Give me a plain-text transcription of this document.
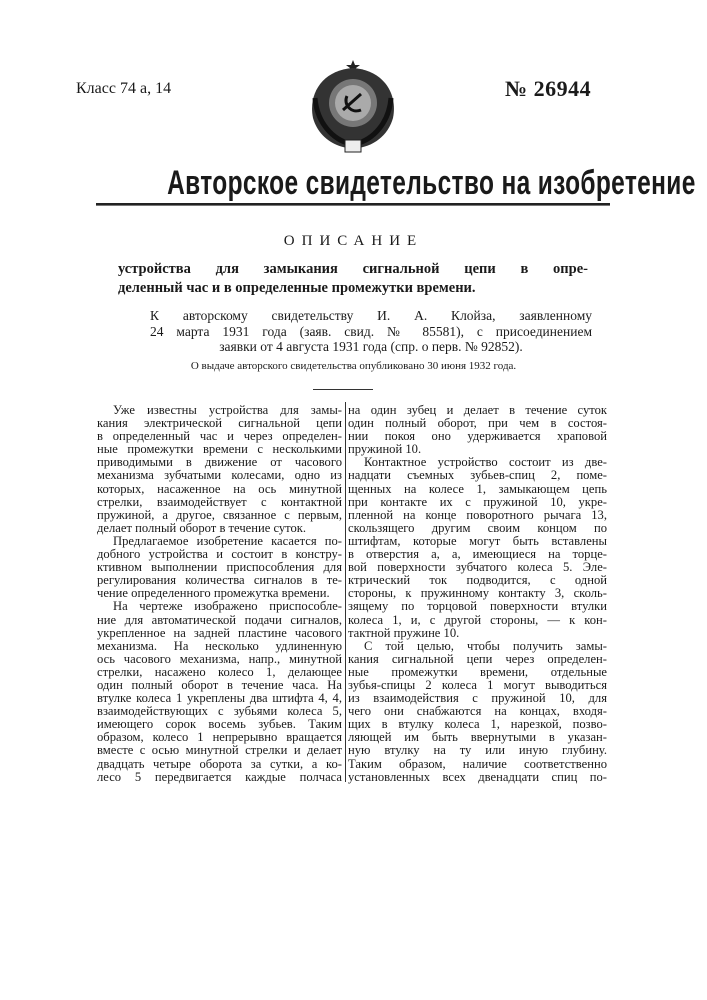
Класс 74 а, 14	№ 26944
Авторское свидетельство на изобретение
ОПИСАНИЕ
устройства для замыкания сигнальной цепи в опре-
деленный час и в определенные промежутки времени.
К авторскому свидетельству И. А. Клойза, заявленному
24 марта 1931 года (заяв. свид. № 85581), с присоединением
заявки от 4 августа 1931 года (спр. о перв. № 92852).
О выдаче авторского свидетельства опубликовано 30 июня 1932 года.
Уже известны устройства для замы-
кания электрической сигнальной цепи
в определенный час и через определен-
ные промежутки времени с несколькими
приводимыми в движение от часового
механизма зубчатыми колесами, одно из
которых, насаженное на ось минутной
стрелки, взаимодействует с контактной
пружиной, а другое, связанное с первым,
делает полный оборот в течение суток.
Предлагаемое изобретение касается по-
добного устройства и состоит в констру-
ктивном выполнении приспособления для
регулирования количества сигналов в те-
чение определенного промежутка времени.
На чертеже изображено приспособле-
ние для автоматической подачи сигналов,
укрепленное на задней пластине часового
механизма. На несколько удлиненную
ось часового механизма, напр., минутной
стрелки, насажено колесо 1, делающее
один полный оборот в течение часа. На
втулке колеса 1 укреплены два штифта 4, 4,
взаимодействующих с зубьями колеса 5,
имеющего сорок восемь зубьев. Таким
образом, колесо 1 непрерывно вращается
вместе с осью минутной стрелки и делает
двадцать четыре оборота за сутки, а ко-
лесо 5 передвигается каждые полчаса
на один зубец и делает в течение суток
один полный оборот, при чем в состоя-
нии покоя оно удерживается храповой
пружиной 10.
Контактное устройство состоит из две-
надцати съемных зубьев-спиц 2, поме-
щенных на колесе 1, замыкающем цепь
при контакте их с пружиной 10, укре-
пленной на конце поворотного рычага 13,
скользящего другим своим концом по
штифтам, которые могут быть вставлены
в отверстия а, а, имеющиеся на торце-
вой поверхности зубчатого колеса 5. Эле-
ктрический ток подводится, с одной
стороны, к пружинному контакту 3, сколь-
зящему по торцовой поверхности втулки
колеса 1, и, с другой стороны, — к кон-
тактной пружине 10.
С той целью, чтобы получить замы-
кания сигнальной цепи через определен-
ные промежутки времени, отдельные
зубья-спицы 2 колеса 1 могут выводиться
из взаимодействия с пружиной 10, для
чего они снабжаются на концах, входя-
щих в втулку колеса 1, нарезкой, позво-
ляющей им быть ввернутыми в указан-
ную втулку на ту или иную глубину.
Таким образом, наличие соответственно
установленных всех двенадцати спиц по-
